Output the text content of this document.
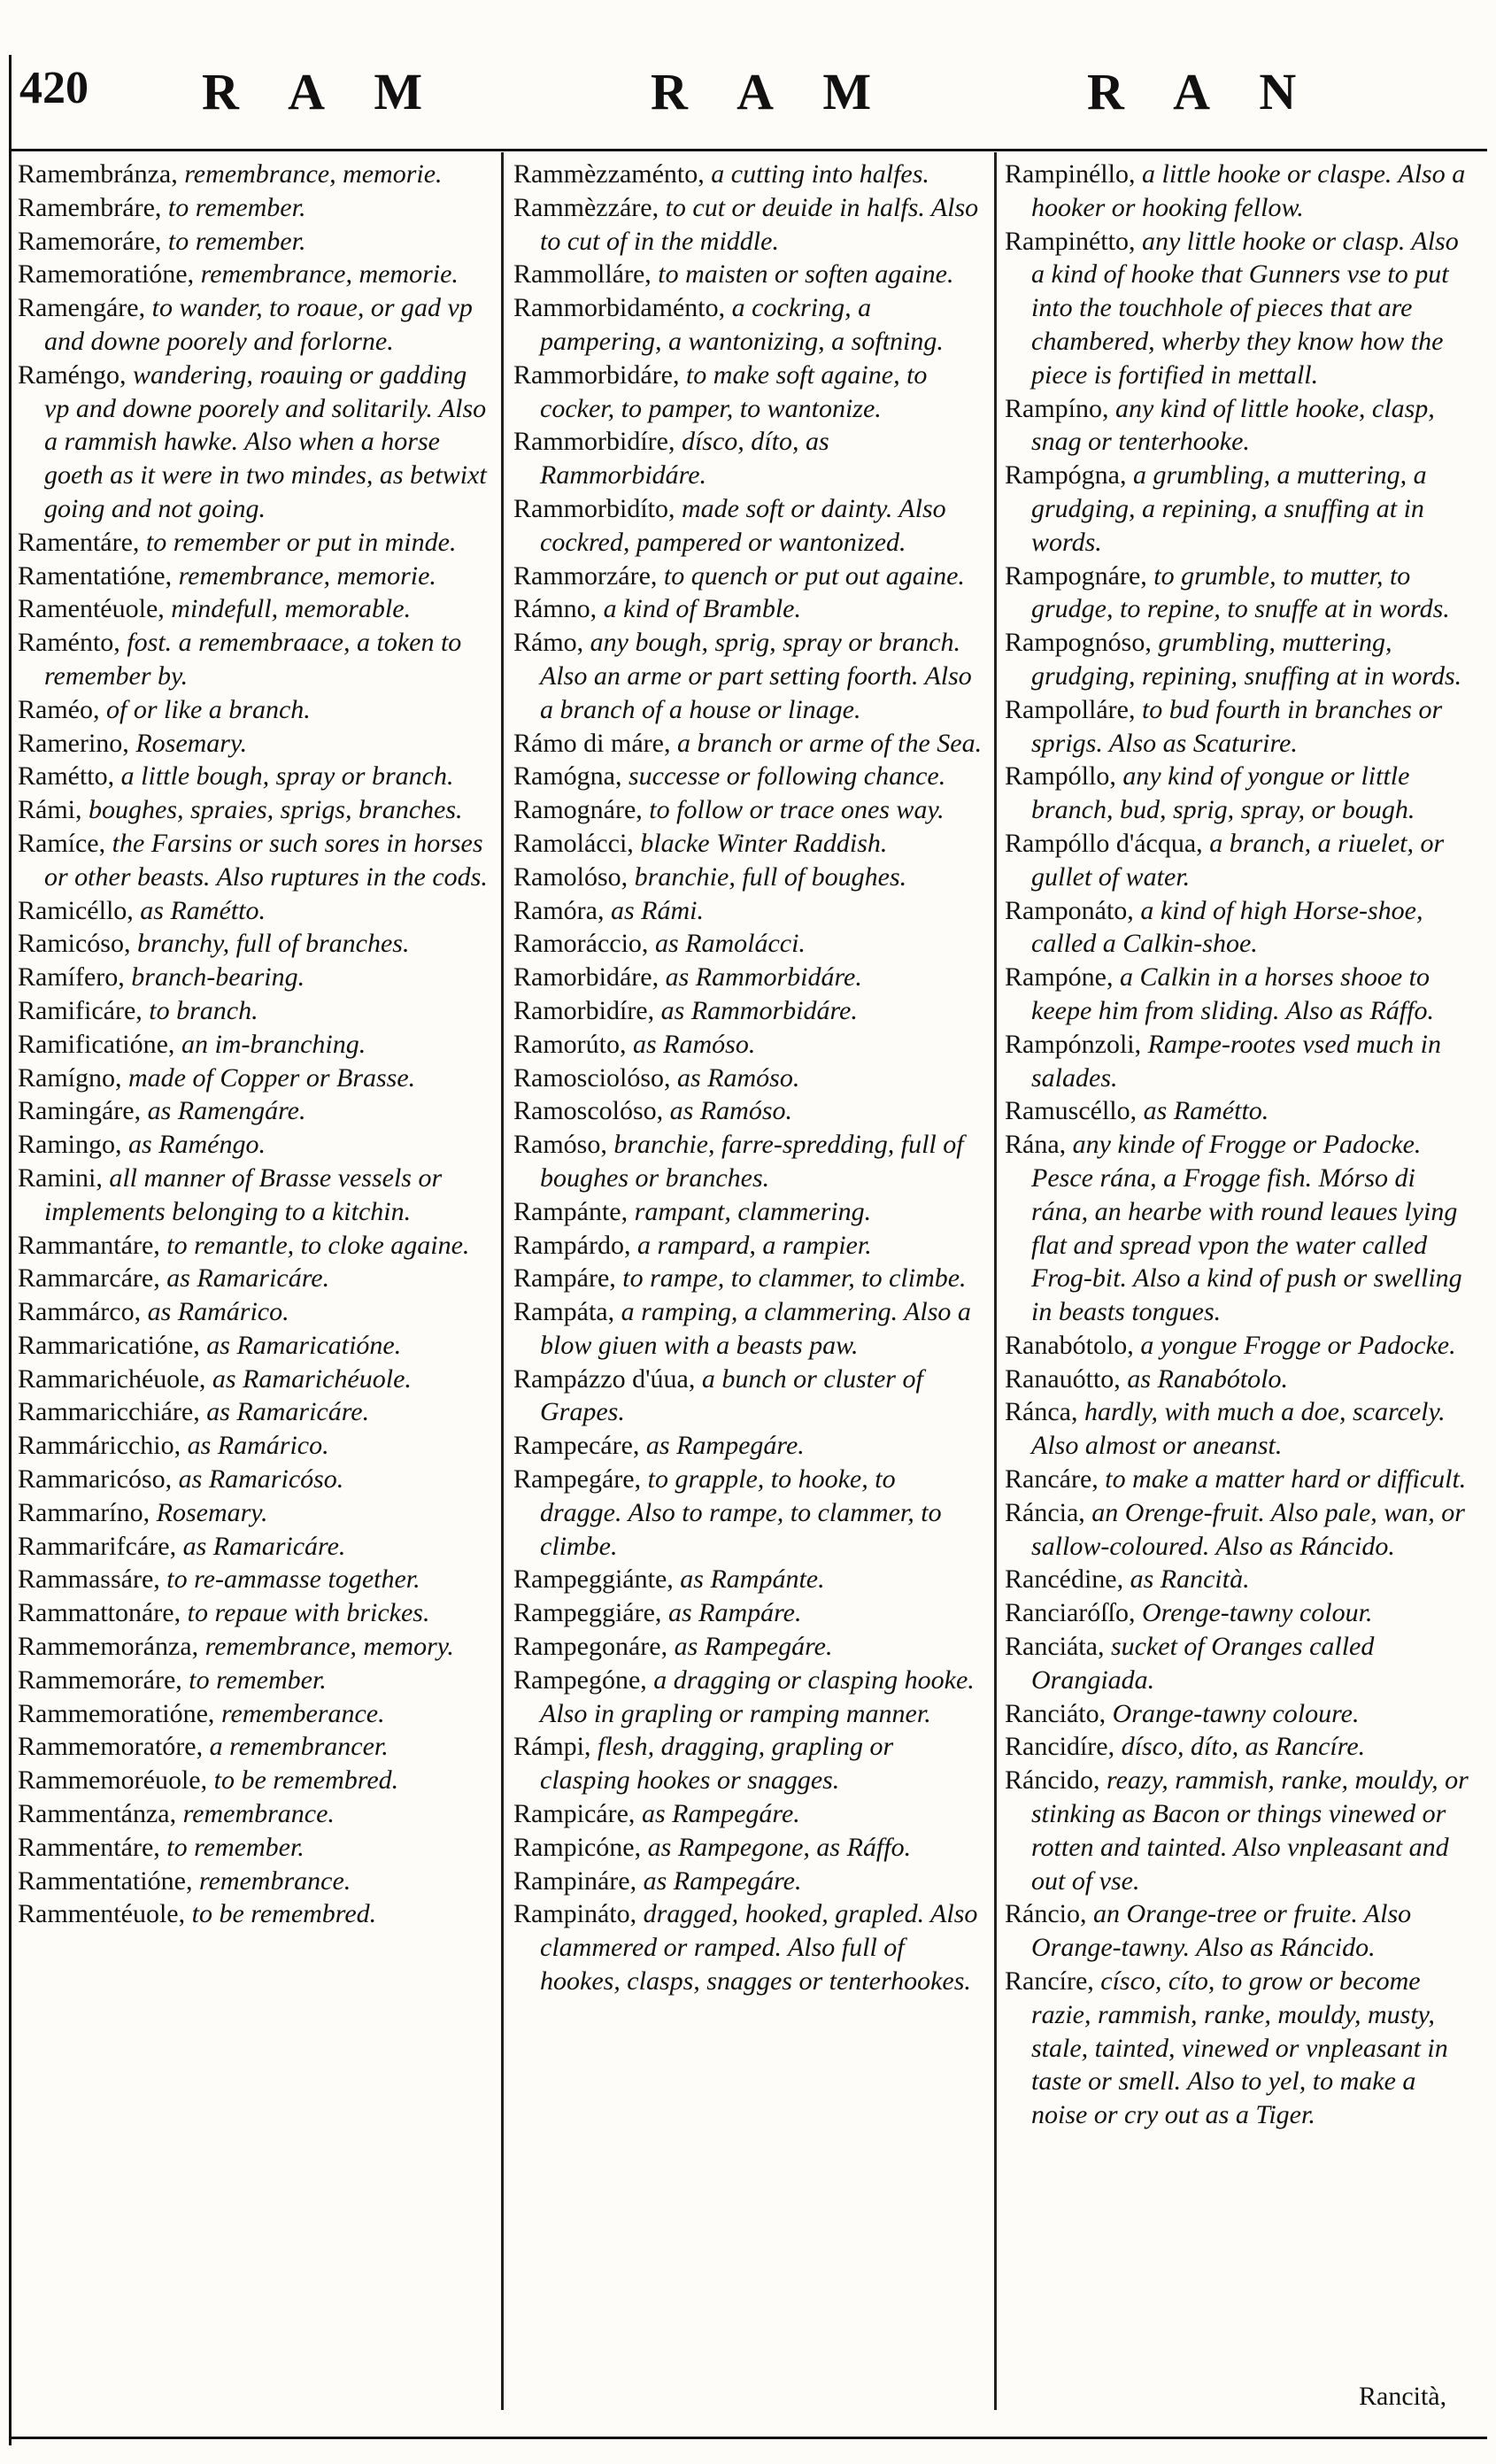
420 R A M	R A M	R A N
Ramembránza, remembrance, memorie.
Ramembráre, to remember.
Ramemoráre, to remember.
Ramemoratióne, remembrance, memorie.
Ramengáre, to wander, to roaue, or gad vp and downe poorely and forlorne.
Raméngo, wandering, roauing or gadding vp and downe poorely and solitarily. Also a rammish hawke. Also when a horse goeth as it were in two mindes, as betwixt going and not going.
Ramentáre, to remember or put in minde.
Ramentatióne, remembrance, memorie.
Ramentéuole, mindefull, memorable.
Raménto, fost. a remembraace, a token to remember by.
Raméo, of or like a branch.
Ramerino, Rosemary.
Ramétto, a little bough, spray or branch.
Rámi, boughes, spraies, sprigs, branches.
Ramíce, the Farsins or such sores in horses or other beasts. Also ruptures in the cods.
Ramicéllo, as Ramétto.
Ramicóso, branchy, full of branches.
Ramífero, branch-bearing.
Ramificáre, to branch.
Ramificatióne, an im-branching.
Ramígno, made of Copper or Brasse.
Ramingáre, as Ramengáre.
Ramingo, as Raméngo.
Ramini, all manner of Brasse vessels or implements belonging to a kitchin.
Rammantáre, to remantle, to cloke againe.
Rammarcáre, as Ramaricáre.
Rammárco, as Ramárico.
Rammaricatióne, as Ramaricatióne.
Rammarichéuole, as Ramarichéuole.
Rammaricchiáre, as Ramaricáre.
Rammáricchio, as Ramárico.
Rammaricóso, as Ramaricóso.
Rammaríno, Rosemary.
Rammarifcáre, as Ramaricáre.
Rammassáre, to re-ammasse together.
Rammattonáre, to repaue with brickes.
Rammemoránza, remembrance, memory.
Rammemoráre, to remember.
Rammemoratióne, rememberance.
Rammemoratóre, a remembrancer.
Rammemoréuole, to be remembred.
Rammentánza, remembrance.
Rammentáre, to remember.
Rammentatióne, remembrance.
Rammentéuole, to be remembred.
Rammèzzaménto, a cutting into halfes.
Rammèzzáre, to cut or deuide in halfs. Also to cut of in the middle.
Rammolláre, to maisten or soften againe.
Rammorbidaménto, a cockring, a pampering, a wantonizing, a softning.
Rammorbidáre, to make soft againe, to cocker, to pamper, to wantonize.
Rammorbidíre, dísco, díto, as Rammorbidáre.
Rammorbidíto, made soft or dainty. Also cockred, pampered or wantonized.
Rammorzáre, to quench or put out againe.
Rámno, a kind of Bramble.
Rámo, any bough, sprig, spray or branch. Also an arme or part setting foorth. Also a branch of a house or linage.
Rámo di máre, a branch or arme of the Sea.
Ramógna, successe or following chance.
Ramognáre, to follow or trace ones way.
Ramolácci, blacke Winter Raddish.
Ramolóso, branchie, full of boughes.
Ramóra, as Rámi.
Ramoráccio, as Ramolácci.
Ramorbidáre, as Rammorbidáre.
Ramorbidíre, as Rammorbidáre.
Ramorúto, as Ramóso.
Ramosciolóso, as Ramóso.
Ramoscolóso, as Ramóso.
Ramóso, branchie, farre-spredding, full of boughes or branches.
Rampánte, rampant, clammering.
Rampárdo, a rampard, a rampier.
Rampáre, to rampe, to clammer, to climbe.
Rampáta, a ramping, a clammering. Also a blow giuen with a beasts paw.
Rampázzo d'úua, a bunch or cluster of Grapes.
Rampecáre, as Rampegáre.
Rampegáre, to grapple, to hooke, to dragge. Also to rampe, to clammer, to climbe.
Rampeggiánte, as Rampánte.
Rampeggiáre, as Rampáre.
Rampegonáre, as Rampegáre.
Rampegóne, a dragging or clasping hooke. Also in grapling or ramping manner.
Rámpi, flesh, dragging, grapling or clasping hookes or snagges.
Rampicáre, as Rampegáre.
Rampicóne, as Rampegone, as Ráffo.
Rampináre, as Rampegáre.
Rampináto, dragged, hooked, grapled. Also clammered or ramped. Also full of hookes, clasps, snagges or tenterhookes.
Rampinéllo, a little hooke or claspe. Also a hooker or hooking fellow.
Rampinétto, any little hooke or clasp. Also a kind of hooke that Gunners vse to put into the touchhole of pieces that are chambered, wherby they know how the piece is fortified in mettall.
Rampíno, any kind of little hooke, clasp, snag or tenterhooke.
Rampógna, a grumbling, a muttering, a grudging, a repining, a snuffing at in words.
Rampognáre, to grumble, to mutter, to grudge, to repine, to snuffe at in words.
Rampognóso, grumbling, muttering, grudging, repining, snuffing at in words.
Rampolláre, to bud fourth in branches or sprigs. Also as Scaturire.
Rampóllo, any kind of yongue or little branch, bud, sprig, spray, or bough.
Rampóllo d'ácqua, a branch, a riuelet, or gullet of water.
Ramponáto, a kind of high Horse-shoe, called a Calkin-shoe.
Rampóne, a Calkin in a horses shooe to keepe him from sliding. Also as Ráffo.
Rampónzoli, Rampe-rootes vsed much in salades.
Ramuscéllo, as Ramétto.
Rána, any kinde of Frogge or Padocke. Pesce rána, a Frogge fish. Mórso di rána, an hearbe with round leaues lying flat and spread vpon the water called Frog-bit. Also a kind of push or swelling in beasts tongues.
Ranabótolo, a yongue Frogge or Padocke.
Ranauótto, as Ranabótolo.
Ránca, hardly, with much a doe, scarcely. Also almost or aneanst.
Rancáre, to make a matter hard or difficult.
Ráncia, an Orenge-fruit. Also pale, wan, or sallow-coloured. Also as Ráncido.
Rancédine, as Rancità.
Ranciaróſſo, Orenge-tawny colour.
Ranciáta, sucket of Oranges called Orangiada.
Ranciáto, Orange-tawny coloure.
Rancidíre, dísco, díto, as Rancíre.
Ráncido, reazy, rammish, ranke, mouldy, or stinking as Bacon or things vinewed or rotten and tainted. Also vnpleasant and out of vse.
Ráncio, an Orange-tree or fruite. Also Orange-tawny. Also as Ráncido.
Rancíre, císco, cíto, to grow or become razie, rammish, ranke, mouldy, musty, stale, tainted, vinewed or vnpleasant in taste or smell. Also to yel, to make a noise or cry out as a Tiger.
Rancità,
